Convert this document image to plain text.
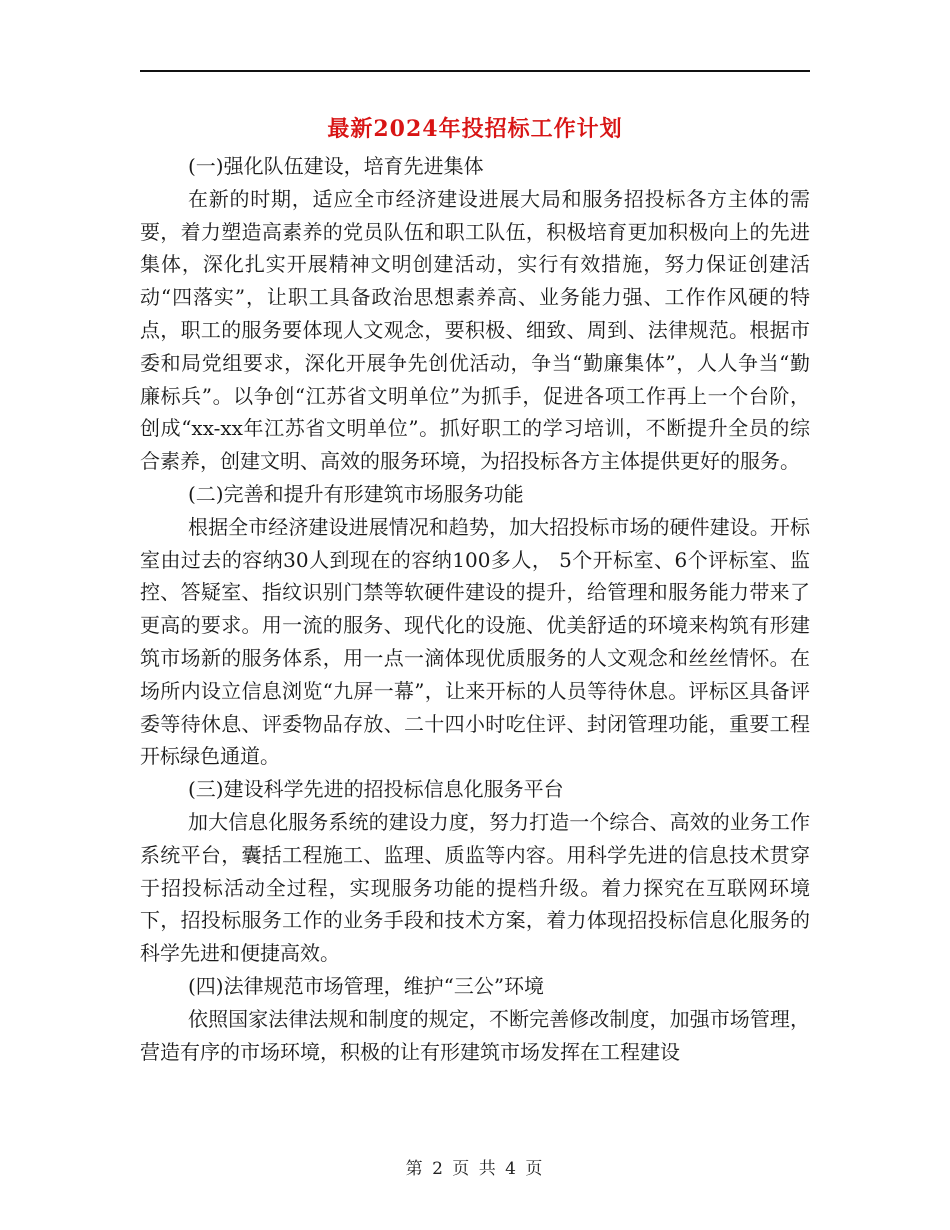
最新2024年投招标工作计划

(一)强化队伍建设，培育先进集体

在新的时期，适应全市经济建设进展大局和服务招投标各方主体的需要，着力塑造高素养的党员队伍和职工队伍，积极培育更加积极向上的先进集体，深化扎实开展精神文明创建活动，实行有效措施，努力保证创建活动“四落实”，让职工具备政治思想素养高、业务能力强、工作作风硬的特点，职工的服务要体现人文观念，要积极、细致、周到、法律规范。根据市委和局党组要求，深化开展争先创优活动，争当“勤廉集体”，人人争当“勤廉标兵”。以争创“江苏省文明单位”为抓手，促进各项工作再上一个台阶，创成“xx-xx年江苏省文明单位”。抓好职工的学习培训，不断提升全员的综合素养，创建文明、高效的服务环境，为招投标各方主体提供更好的服务。

(二)完善和提升有形建筑市场服务功能

根据全市经济建设进展情况和趋势，加大招投标市场的硬件建设。开标室由过去的容纳30人到现在的容纳100多人， 5个开标室、6个评标室、监控、答疑室、指纹识别门禁等软硬件建设的提升，给管理和服务能力带来了更高的要求。用一流的服务、现代化的设施、优美舒适的环境来构筑有形建筑市场新的服务体系，用一点一滴体现优质服务的人文观念和丝丝情怀。在场所内设立信息浏览“九屏一幕”，让来开标的人员等待休息。评标区具备评委等待休息、评委物品存放、二十四小时吃住评、封闭管理功能，重要工程开标绿色通道。

(三)建设科学先进的招投标信息化服务平台

加大信息化服务系统的建设力度，努力打造一个综合、高效的业务工作系统平台，囊括工程施工、监理、质监等内容。用科学先进的信息技术贯穿于招投标活动全过程，实现服务功能的提档升级。着力探究在互联网环境下，招投标服务工作的业务手段和技术方案，着力体现招投标信息化服务的科学先进和便捷高效。

(四)法律规范市场管理，维护“三公”环境

依照国家法律法规和制度的规定，不断完善修改制度，加强市场管理，营造有序的市场环境，积极的让有形建筑市场发挥在工程建设

第 2 页 共 4 页
